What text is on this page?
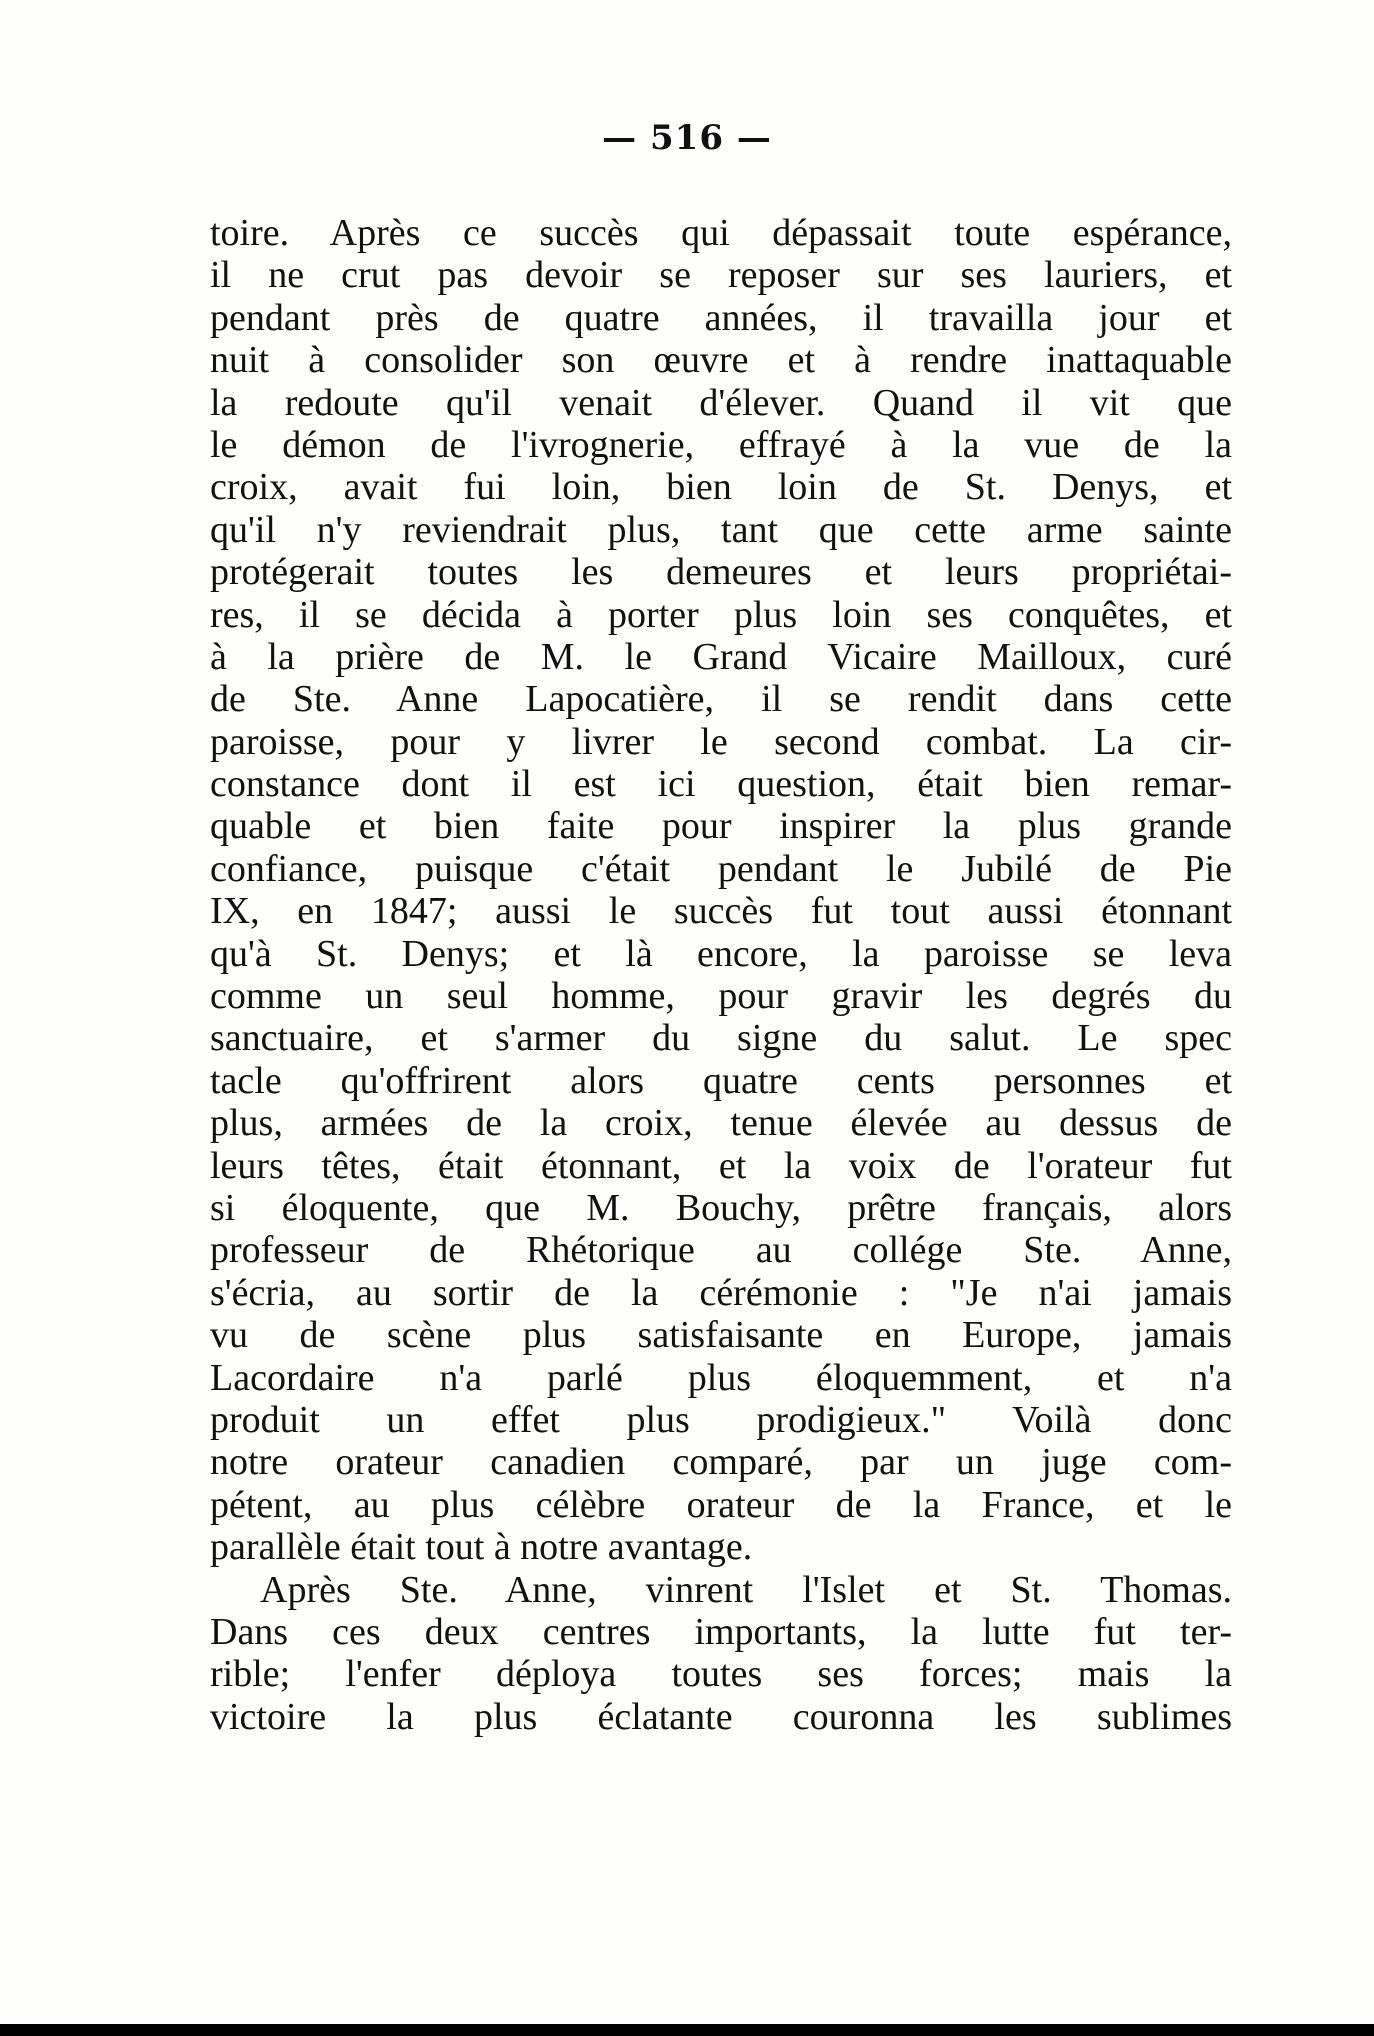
— 516 —
toire. Après ce succès qui dépassait toute espérance,
il ne crut pas devoir se reposer sur ses lauriers, et
pendant près de quatre années, il travailla jour et
nuit à consolider son œuvre et à rendre inattaquable
la redoute qu'il venait d'élever. Quand il vit que
le démon de l'ivrognerie, effrayé à la vue de la
croix, avait fui loin, bien loin de St. Denys, et
qu'il n'y reviendrait plus, tant que cette arme sainte
protégerait toutes les demeures et leurs propriétai-
res, il se décida à porter plus loin ses conquêtes, et
à la prière de M. le Grand Vicaire Mailloux, curé
de Ste. Anne Lapocatière, il se rendit dans cette
paroisse, pour y livrer le second combat. La cir-
constance dont il est ici question, était bien remar-
quable et bien faite pour inspirer la plus grande
confiance, puisque c'était pendant le Jubilé de Pie
IX, en 1847; aussi le succès fut tout aussi étonnant
qu'à St. Denys; et là encore, la paroisse se leva
comme un seul homme, pour gravir les degrés du
sanctuaire, et s'armer du signe du salut. Le spec
tacle qu'offrirent alors quatre cents personnes et
plus, armées de la croix, tenue élevée au dessus de
leurs têtes, était étonnant, et la voix de l'orateur fut
si éloquente, que M. Bouchy, prêtre français, alors
professeur de Rhétorique au collége Ste. Anne,
s'écria, au sortir de la cérémonie : "Je n'ai jamais
vu de scène plus satisfaisante en Europe, jamais
Lacordaire n'a parlé plus éloquemment, et n'a
produit un effet plus prodigieux." Voilà donc
notre orateur canadien comparé, par un juge com-
pétent, au plus célèbre orateur de la France, et le
parallèle était tout à notre avantage.
Après Ste. Anne, vinrent l'Islet et St. Thomas.
Dans ces deux centres importants, la lutte fut ter-
rible; l'enfer déploya toutes ses forces; mais la
victoire la plus éclatante couronna les sublimes
